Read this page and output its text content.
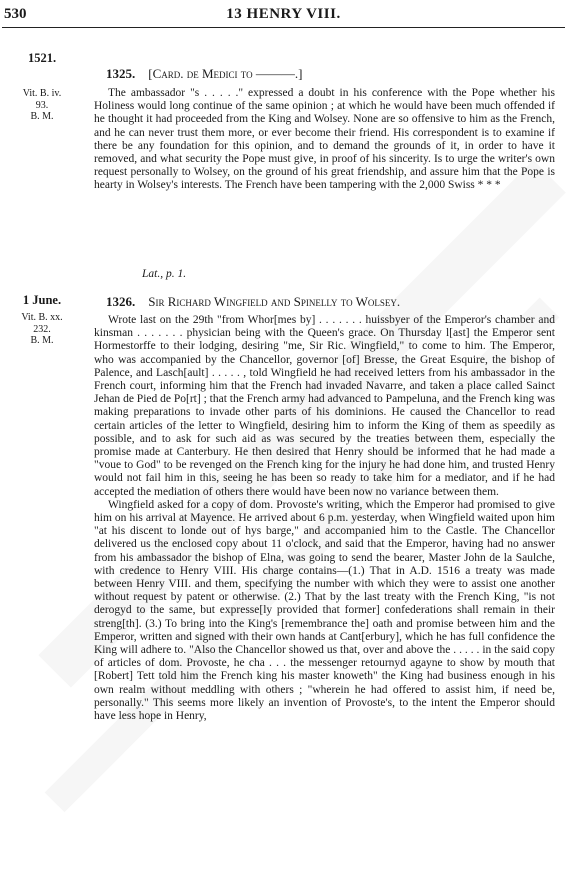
530	13 HENRY VIII.
1521.
Vit. B. iv.
93.
B. M.
1325. [Card. de Medici to ———.]

The ambassador "s . . . . ." expressed a doubt in his conference with the Pope whether his Holiness would long continue of the same opinion ; at which he would have been much offended if he thought it had proceeded from the King and Wolsey. None are so offensive to him as the French, and he can never trust them more, or ever become their friend. His correspondent is to examine if there be any foundation for this opinion, and to demand the grounds of it, in order to have it removed, and what security the Pope must give, in proof of his sincerity. Is to urge the writer's own request personally to Wolsey, on the ground of his great friendship, and assure him that the Pope is hearty in Wolsey's interests. The French have been tampering with the 2,000 Swiss * * *

Lat., p. 1.
1 June.
Vit. B. xx.
232.
B. M.
1326. Sir Richard Wingfield and Spinelly to Wolsey.

Wrote last on the 29th "from Whor[mes by] . . . . . . . huissbyer of the Emperor's chamber and kinsman . . . . . . . physician being with the Queen's grace. On Thursday l[ast] the Emperor sent Hormestorffe to their lodging, desiring "me, Sir Ric. Wingfield," to come to him. The Emperor, who was accompanied by the Chancellor, governor [of] Bresse, the Great Esquire, the bishop of Palence, and Lasch[ault] . . . . . , told Wingfield he had received letters from his ambassador in the French court, informing him that the French had invaded Navarre, and taken a place called Sainct Jehan de Pied de Po[rt] ; that the French army had advanced to Pampeluna, and the French king was making preparations to invade other parts of his dominions. He caused the Chancellor to read certain articles of the letter to Wingfield, desiring him to inform the King of them as speedily as possible, and to ask for such aid as was secured by the treaties between them, especially the promise made at Canterbury. He then desired that Henry should be informed that he had made a "voue to God" to be revenged on the French king for the injury he had done him, and trusted Henry would not fail him in this, seeing he has been so ready to take him for a mediator, and if he had accepted the mediation of others there would have been now no variance between them.

Wingfield asked for a copy of dom. Provoste's writing, which the Emperor had promised to give him on his arrival at Mayence. He arrived about 6 p.m. yesterday, when Wingfield waited upon him "at his discent to londe out of hys barge," and accompanied him to the Castle. The Chancellor delivered us the enclosed copy about 11 o'clock, and said that the Emperor, having had no answer from his ambassador the bishop of Elna, was going to send the bearer, Master John de la Saulche, with credence to Henry VIII. His charge contains—(1.) That in A.D. 1516 a treaty was made between Henry VIII. and them, specifying the number with which they were to assist one another without request by patent or otherwise. (2.) That by the last treaty with the French King, "is not derogyd to the same, but expresse[ly provided that former] confederations shall remain in their streng[th]. (3.) To bring into the King's [remembrance the] oath and promise between him and the Emperor, written and signed with their own hands at Cant[erbury], which he has full confidence the King will adhere to. "Also the Chancellor showed us that, over and above the . . . . . in the said copy of articles of dom. Provoste, he cha . . . the messenger retournyd agayne to show by mouth that [Robert] Tett told him the French king his master knoweth" the King had business enough in his own realm without meddling with others ; "wherein he had offered to assist him, if need be, personally." This seems more likely an invention of Provoste's, to the intent the Emperor should have less hope in Henry,
